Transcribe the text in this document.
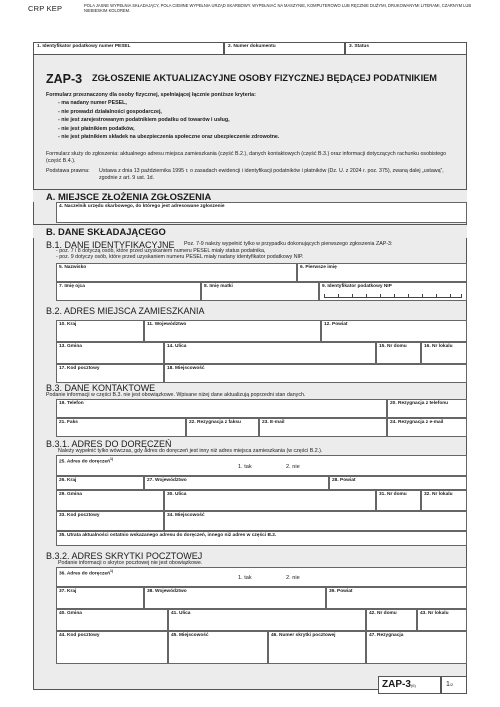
CRP KEP	POLA JASNE WYPEŁNIA SKŁADAJĄCY, POLA CIEMNE WYPEŁNIA URZĄD SKARBOWY. WYPEŁNIAĆ NA MASZYNIE, KOMPUTEROWO LUB RĘCZNIE DUŻYMI, DRUKOWANYMI LITERAMI, CZARNYM LUB NIEBIESKIM KOLOREM.
1. Identyfikator podatkowy numer PESEL	2. Numer dokumentu	3. Status
ZAP-3 ZGŁOSZENIE AKTUALIZACYJNE OSOBY FIZYCZNEJ BĘDĄCEJ PODATNIKIEM
Formularz przeznaczony dla osoby fizycznej, spełniającej łącznie poniższe kryteria:
- ma nadany numer PESEL,
- nie prowadzi działalności gospodarczej,
- nie jest zarejestrowanym podatnikiem podatku od towarów i usług,
- nie jest płatnikiem podatków,
- nie jest płatnikiem składek na ubezpieczenia społeczne oraz ubezpieczenie zdrowotne.
Formularz służy do zgłoszenia: aktualnego adresu miejsca zamieszkania (część B.2.), danych kontaktowych (część B.3.) oraz informacji dotyczących rachunku osobistego (część B.4.).
Podstawa prawna: Ustawa z dnia 13 października 1995 r. o zasadach ewidencji i identyfikacji podatników i płatników (Dz. U. z 2024 r. poz. 375), zwaną dalej „ustawą”, zgodnie z art. 9 ust. 1d.
A. MIEJSCE ZŁOŻENIA ZGŁOSZENIA
4. Naczelnik urzędu skarbowego, do którego jest adresowane zgłoszenie
B. DANE SKŁADAJĄCEGO
B.1. DANE IDENTYFIKACYJNE Poz. 7-9 należy wypełnić tylko w przypadku dokonujących pierwszego zgłoszenia ZAP-3:
- poz. 7 i 8 dotyczą osób, które przed uzyskaniem numeru PESEL miały status podatnika,
- poz. 9 dotyczy osób, które przed uzyskaniem numeru PESEL miały nadany identyfikator podatkowy NIP.
5. Nazwisko	6. Pierwsze imię
7. Imię ojca	8. Imię matki	9. Identyfikator podatkowy NIP
B.2. ADRES MIEJSCA ZAMIESZKANIA
10. Kraj	11. Województwo	12. Powiat
13. Gmina	14. Ulica	15. Nr domu	16. Nr lokalu
17. Kod pocztowy	18. Miejscowość
B.3. DANE KONTAKTOWE
Podanie informacji w części B.3. nie jest obowiązkowe. Wpisane niżej dane aktualizują poprzedni stan danych.
19. Telefon	20. Rezygnacja z telefonu
21. Faks	22. Rezygnacja z faksu	23. E-mail	24. Rezygnacja z e-mail
B.3.1. ADRES DO DORĘCZEŃ
Należy wypełnić tylko wówczas, gdy adres do doręczeń jest inny niż adres miejsca zamieszkania (w części B.2.).
25. Adres do doręczeń$^{1)}$
1. tak	2. nie
26. Kraj	27. Województwo	28. Powiat
29. Gmina	30. Ulica	31. Nr domu	32. Nr lokalu
33. Kod pocztowy	34. Miejscowość
35. Utrata aktualności ostatnio wskazanego adresu do doręczeń, innego niż adres w części B.2.
B.3.2. ADRES SKRYTKI POCZTOWEJ
Podanie informacji o skrytce pocztowej nie jest obowiązkowe.
36. Adres do doręczeń$^{1)}$
1. tak	2. nie
37. Kraj	38. Województwo	39. Powiat
40. Gmina	41. Ulica	42. Nr domu	43. Nr lokalu
44. Kod pocztowy	45. Miejscowość	46. Numer skrytki pocztowej	47. Rezygnacja
ZAP-3(6)	1/2
